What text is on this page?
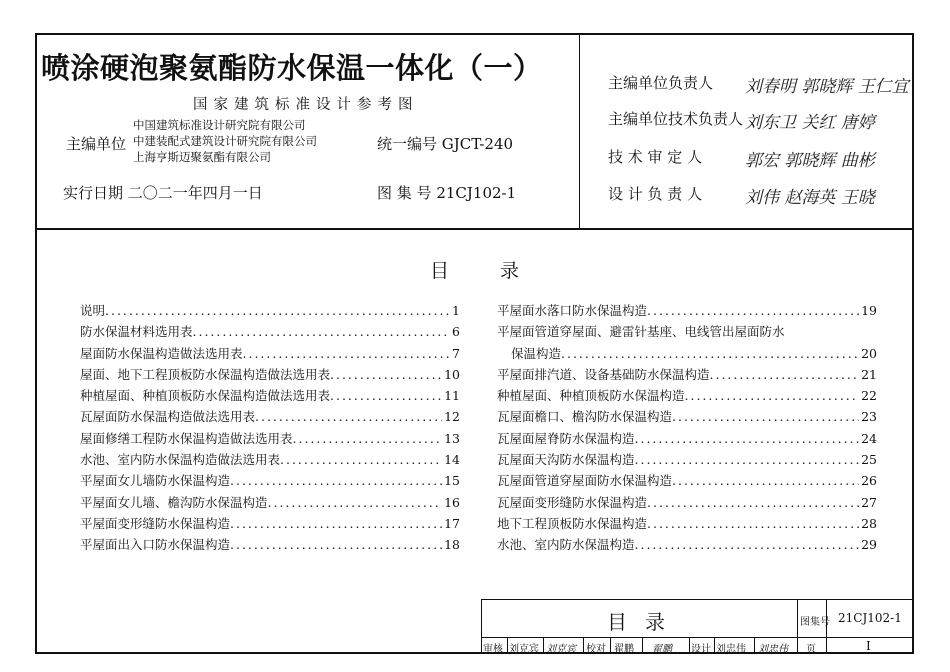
喷涂硬泡聚氨酯防水保温一体化（一）
国家建筑标准设计参考图
主编单位
中国建筑标准设计研究院有限公司
中建装配式建筑设计研究院有限公司
上海亨斯迈聚氨酯有限公司
统一编号 GJCT-240
实行日期 二〇二一年四月一日	图 集 号 21CJ102-1
主编单位负责人 刘春明 郭晓辉 王仁宜
主编单位技术负责人 刘东卫 关红 唐婷
技 术 审 定 人	郭宏 郭晓辉 曲彬
设 计 负 责 人	刘伟 赵海英 王晓
目	录
说明 .....	1
防水保温材料选用表 .....	6
屋面防水保温构造做法选用表 .....	7
屋面、地下工程顶板防水保温构造做法选用表 .....	10
种植屋面、种植顶板防水保温构造做法选用表 .....	11
瓦屋面防水保温构造做法选用表 .....	12
屋面修缮工程防水保温构造做法选用表 .....	13
水池、室内防水保温构造做法选用表 .....	14
平屋面女儿墙防水保温构造 .....	15
平屋面女儿墙、檐沟防水保温构造 .....	16
平屋面变形缝防水保温构造 .....	17
平屋面出入口防水保温构造 .....	18
平屋面水落口防水保温构造 .....	19
平屋面管道穿屋面、避雷针基座、电线管出屋面防水
保温构造 .....	20
平屋面排汽道、设备基础防水保温构造 .....	21
种植屋面、种植顶板防水保温构造 .....	22
瓦屋面檐口、檐沟防水保温构造 .....	23
瓦屋面屋脊防水保温构造 .....	24
瓦屋面天沟防水保温构造 .....	25
瓦屋面管道穿屋面防水保温构造 .....	26
瓦屋面变形缝防水保温构造 .....	27
地下工程顶板防水保温构造 .....	28
水池、室内防水保温构造 .....	29
目录	图集号 21CJ102-1
页	I
审核 刘克宾 刘克宾 校对 翟鹏 翟鹏 设计 刘忠伟 刘忠伟
